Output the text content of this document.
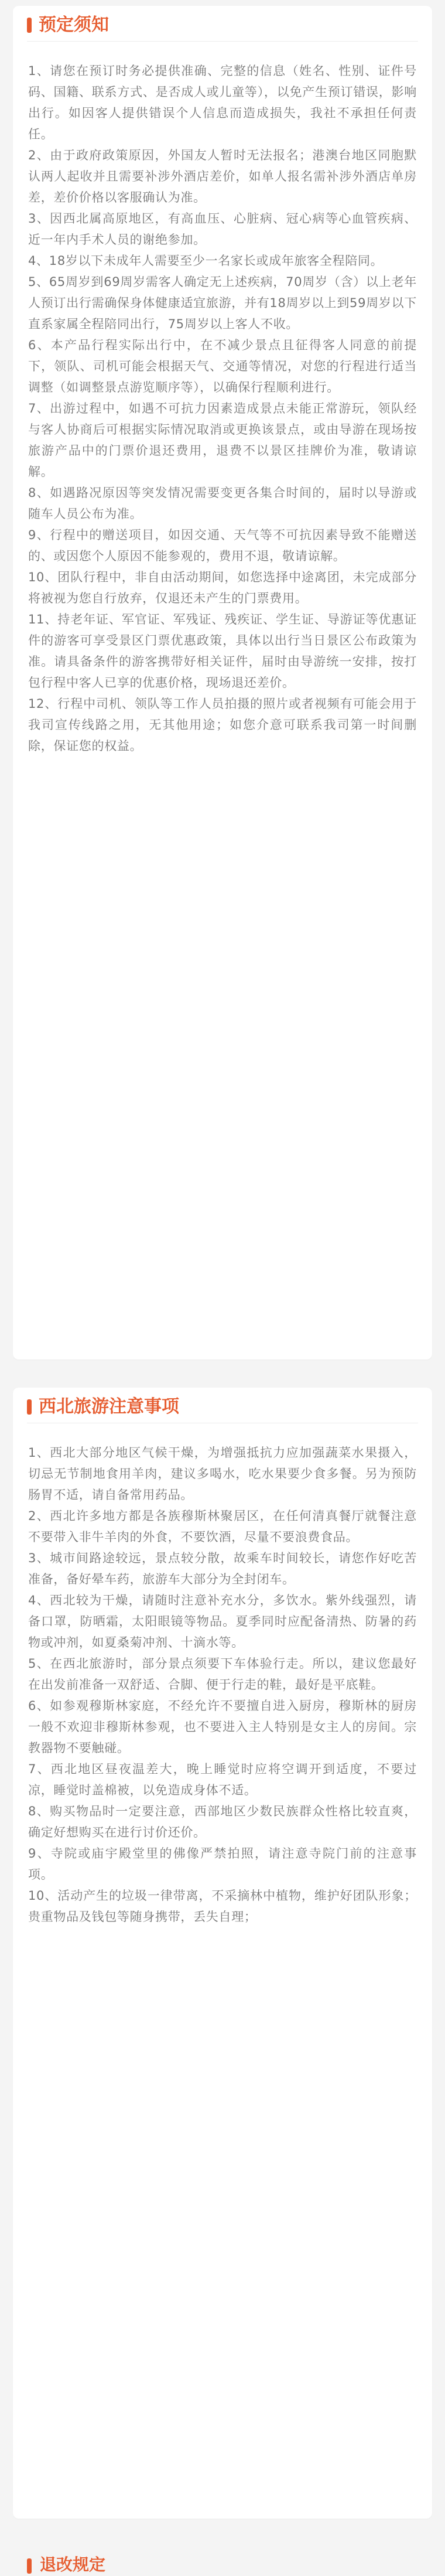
预定须知

1、请您在预订时务必提供准确、完整的信息（姓名、性别、证件号码、国籍、联系方式、是否成人或儿童等），以免产生预订错误，影响出行。如因客人提供错误个人信息而造成损失，我社不承担任何责任。

2、由于政府政策原因，外国友人暂时无法报名；港澳台地区同胞默认两人起收并且需要补涉外酒店差价，如单人报名需补涉外酒店单房差，差价价格以客服确认为准。

3、因西北属高原地区，有高血压、心脏病、冠心病等心血管疾病、近一年内手术人员的谢绝参加。

4、18岁以下未成年人需要至少一名家长或成年旅客全程陪同。

5、65周岁到69周岁需客人确定无上述疾病，70周岁（含）以上老年人预订出行需确保身体健康适宜旅游，并有18周岁以上到59周岁以下直系家属全程陪同出行，75周岁以上客人不收。

6、本产品行程实际出行中，在不减少景点且征得客人同意的前提下，领队、司机可能会根据天气、交通等情况，对您的行程进行适当调整（如调整景点游览顺序等），以确保行程顺利进行。

7、出游过程中，如遇不可抗力因素造成景点未能正常游玩，领队经与客人协商后可根据实际情况取消或更换该景点，或由导游在现场按旅游产品中的门票价退还费用，退费不以景区挂牌价为准，敬请谅解。

8、如遇路况原因等突发情况需要变更各集合时间的，届时以导游或随车人员公布为准。

9、行程中的赠送项目，如因交通、天气等不可抗因素导致不能赠送的、或因您个人原因不能参观的，费用不退，敬请谅解。

10、团队行程中，非自由活动期间，如您选择中途离团，未完成部分将被视为您自行放弃，仅退还未产生的门票费用。

11、持老年证、军官证、军残证、残疾证、学生证、导游证等优惠证件的游客可享受景区门票优惠政策，具体以出行当日景区公布政策为准。请具备条件的游客携带好相关证件，届时由导游统一安排，按打包行程中客人已享的优惠价格，现场退还差价。

12、行程中司机、领队等工作人员拍摄的照片或者视频有可能会用于我司宣传线路之用，无其他用途；如您介意可联系我司第一时间删除，保证您的权益。

西北旅游注意事项

1、西北大部分地区气候干燥，为增强抵抗力应加强蔬菜水果摄入，切忌无节制地食用羊肉，建议多喝水，吃水果要少食多餐。另为预防肠胃不适，请自备常用药品。

2、西北许多地方都是各族穆斯林聚居区，在任何清真餐厅就餐注意不要带入非牛羊肉的外食，不要饮酒，尽量不要浪费食品。

3、城市间路途较远，景点较分散，故乘车时间较长，请您作好吃苦准备，备好晕车药，旅游车大部分为全封闭车。

4、西北较为干燥，请随时注意补充水分，多饮水。紫外线强烈，请备口罩，防晒霜，太阳眼镜等物品。夏季同时应配备清热、防暑的药物或冲剂，如夏桑菊冲剂、十滴水等。

5、在西北旅游时，部分景点须要下车体验行走。所以，建议您最好在出发前准备一双舒适、合脚、便于行走的鞋，最好是平底鞋。

6、如参观穆斯林家庭，不经允许不要擅自进入厨房，穆斯林的厨房一般不欢迎非穆斯林参观，也不要进入主人特别是女主人的房间。宗教器物不要触碰。

7、西北地区昼夜温差大，晚上睡觉时应将空调开到适度，不要过凉，睡觉时盖棉被，以免造成身体不适。

8、购买物品时一定要注意，西部地区少数民族群众性格比较直爽，确定好想购买在进行讨价还价。

9、寺院或庙宇殿堂里的佛像严禁拍照，请注意寺院门前的注意事项。

10、活动产生的垃圾一律带离，不采摘林中植物，维护好团队形象；贵重物品及钱包等随身携带，丢失自理；

退改规定
